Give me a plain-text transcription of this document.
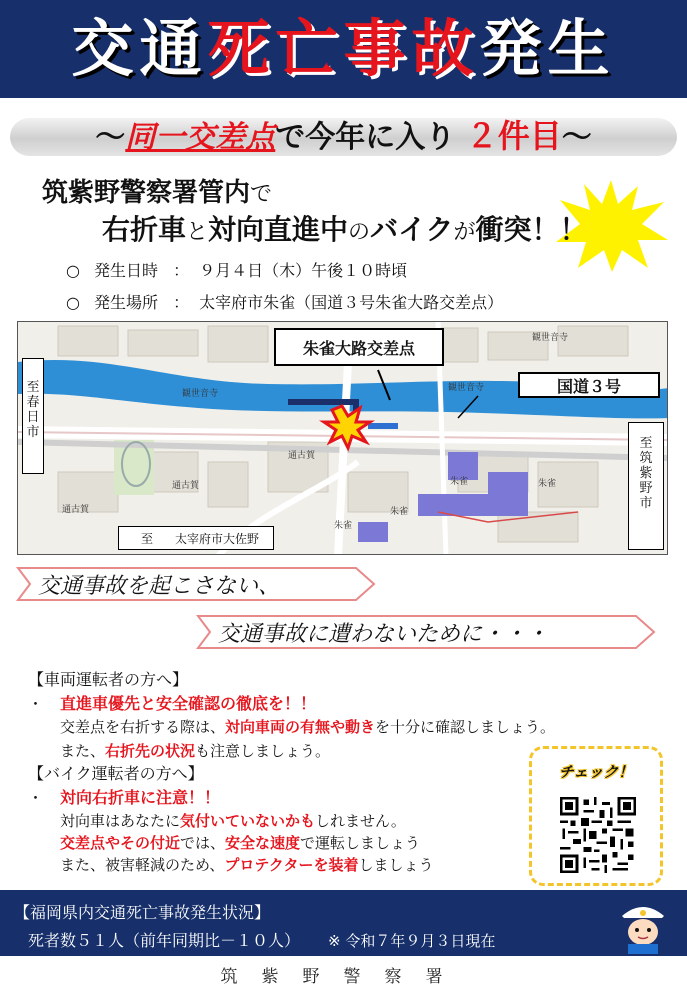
交 通 死 亡 事 故 発 生
～同一交差点で今年に入り ２件目～
筑紫野警察署管内で
右折車と対向直進中のバイクが衝突！！
○ 発生日時 ： ９月４日（木）午後１０時頃
○ 発生場所 ： 太宰府市朱雀（国道３号朱雀大路交差点）
観世音寺
観世音寺
観世音寺
通古賀
通古賀
通古賀
朱雀	朱雀
朱雀
朱雀
朱雀大路交差点
国道３号
至 春日市
至 筑紫野市
至 太宰府市大佐野
交通事故を起こさない、
交通事故に遭わないために・・・
【車両運転者の方へ】
・ 直進車優先と安全確認の徹底を！！
交差点を右折する際は、対向車両の有無や動きを十分に確認しましょう。
また、右折先の状況も注意しましょう。
【バイク運転者の方へ】
・ 対向右折車に注意！！
対向車はあなたに気付いていないかもしれません。
交差点やその付近では、安全な速度で運転しましょう
また、被害軽減のため、プロテクターを装着しましょう
チェック！
【福岡県内交通死亡事故発生状況】
死者数５１人（前年同期比－１０人） ※ 令和７年９月３日現在
筑紫野警察署
